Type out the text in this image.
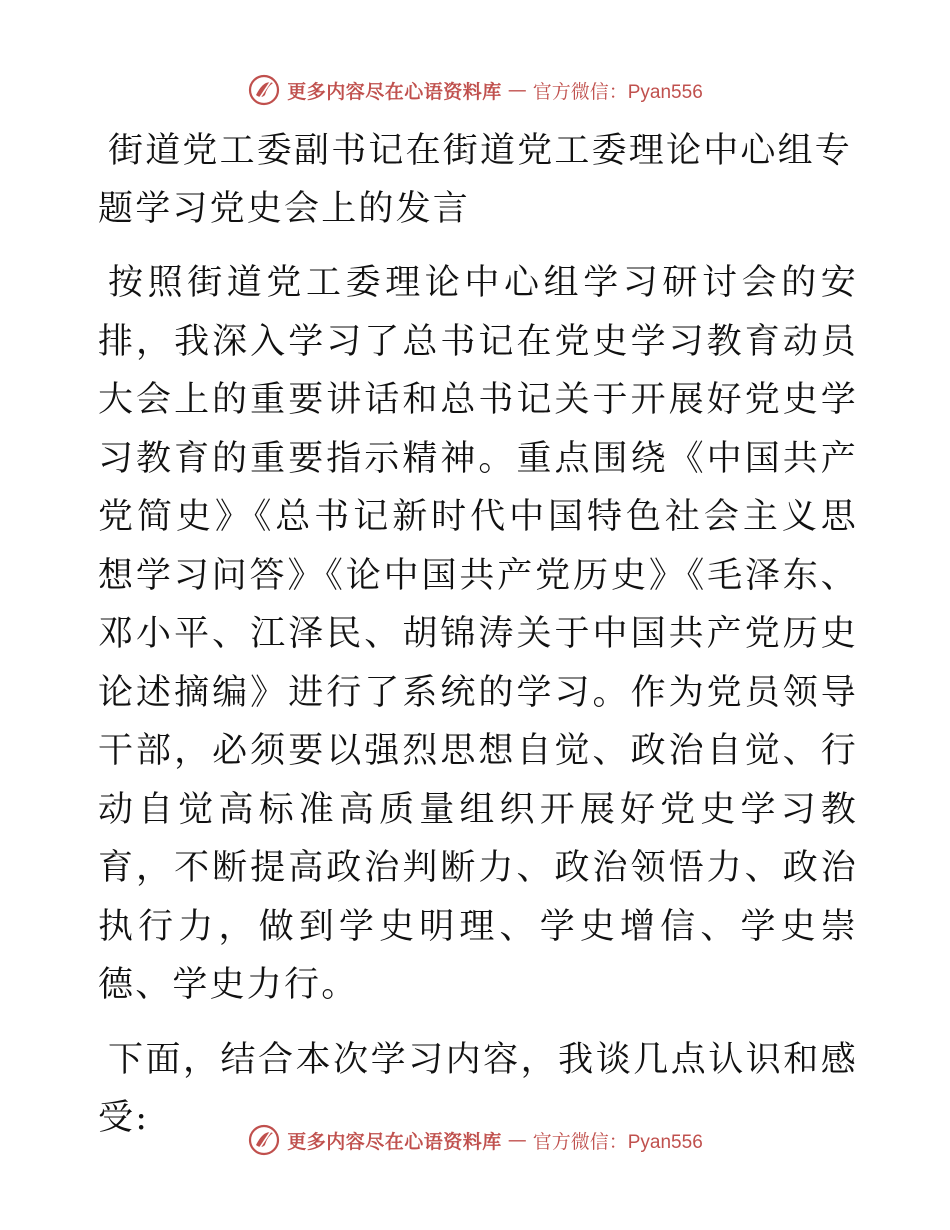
更多内容尽在心语资料库 — 官方微信：Pyan556
街道党工委副书记在街道党工委理论中心组专题学习党史会上的发言

按照街道党工委理论中心组学习研讨会的安排，我深入学习了总书记在党史学习教育动员大会上的重要讲话和总书记关于开展好党史学习教育的重要指示精神。重点围绕《中国共产党简史》《总书记新时代中国特色社会主义思想学习问答》《论中国共产党历史》《毛泽东、邓小平、江泽民、胡锦涛关于中国共产党历史论述摘编》进行了系统的学习。作为党员领导干部，必须要以强烈思想自觉、政治自觉、行动自觉高标准高质量组织开展好党史学习教育，不断提高政治判断力、政治领悟力、政治执行力，做到学史明理、学史增信、学史崇德、学史力行。

下面，结合本次学习内容，我谈几点认识和感受:

更多内容尽在心语资料库 — 官方微信：Pyan556
